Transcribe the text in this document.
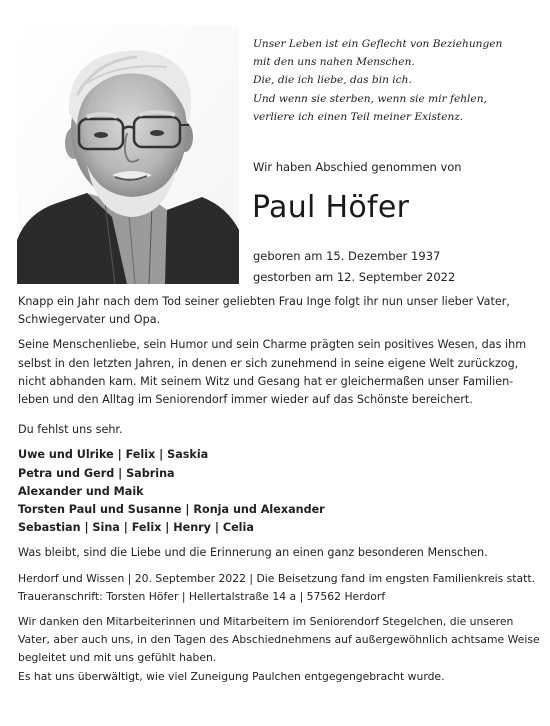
Unser Leben ist ein Geflecht von Beziehungen
mit den uns nahen Menschen.
Die, die ich liebe, das bin ich.
Und wenn sie sterben, wenn sie mir fehlen,
verliere ich einen Teil meiner Existenz.
Wir haben Abschied genommen von
Paul Höfer
geboren am 15. Dezember 1937
gestorben am 12. September 2022
Knapp ein Jahr nach dem Tod seiner geliebten Frau Inge folgt ihr nun unser lieber Vater,
Schwiegervater und Opa.
Seine Menschenliebe, sein Humor und sein Charme prägten sein positives Wesen, das ihm
selbst in den letzten Jahren, in denen er sich zunehmend in seine eigene Welt zurückzog,
nicht abhanden kam. Mit seinem Witz und Gesang hat er gleichermaßen unser Familien-
leben und den Alltag im Seniorendorf immer wieder auf das Schönste bereichert.
Du fehlst uns sehr.
Uwe und Ulrike | Felix | Saskia
Petra und Gerd | Sabrina
Alexander und Maik
Torsten Paul und Susanne | Ronja und Alexander
Sebastian | Sina | Felix | Henry | Celia
Was bleibt, sind die Liebe und die Erinnerung an einen ganz besonderen Menschen.
Herdorf und Wissen | 20. September 2022 | Die Beisetzung fand im engsten Familienkreis statt.
Traueranschrift: Torsten Höfer | Hellertalstraße 14 a | 57562 Herdorf
Wir danken den Mitarbeiterinnen und Mitarbeitern im Seniorendorf Stegelchen, die unseren
Vater, aber auch uns, in den Tagen des Abschiednehmens auf außergewöhnlich achtsame Weise
begleitet und mit uns gefühlt haben.
Es hat uns überwältigt, wie viel Zuneigung Paulchen entgegengebracht wurde.
